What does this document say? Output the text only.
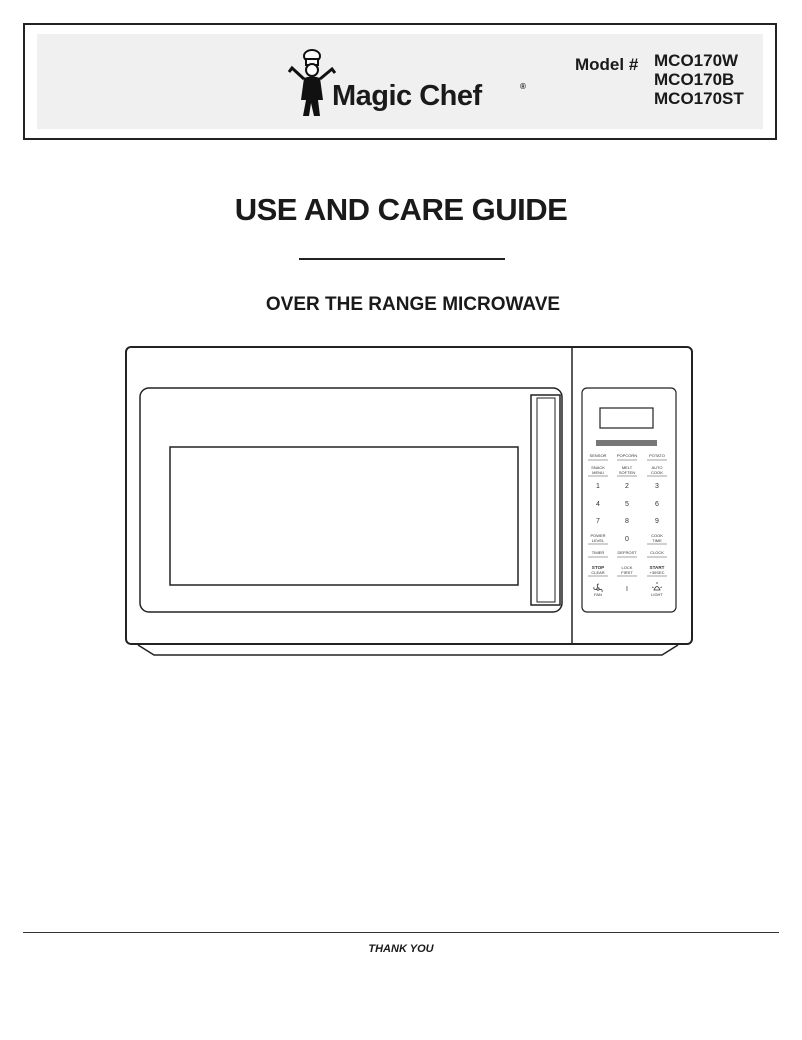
Magic Chef	®
Model # MCO170W
MCO170B
MCO170ST
USE AND CARE GUIDE
OVER THE RANGE MICROWAVE
SENSOR	POPCORN	POTATO
SNACK
MENU
MELT
SOFTEN
AUTO
COOK
POWER
LEVEL
COOK
TIME
TIMER	DEFROST	CLOCK
LOCK
FIRST	+30SEC
CLEAR
FAN	LIGHT
STOP	START
1	2	3
4	5	6
7	8	9
0
I
THANK YOU
